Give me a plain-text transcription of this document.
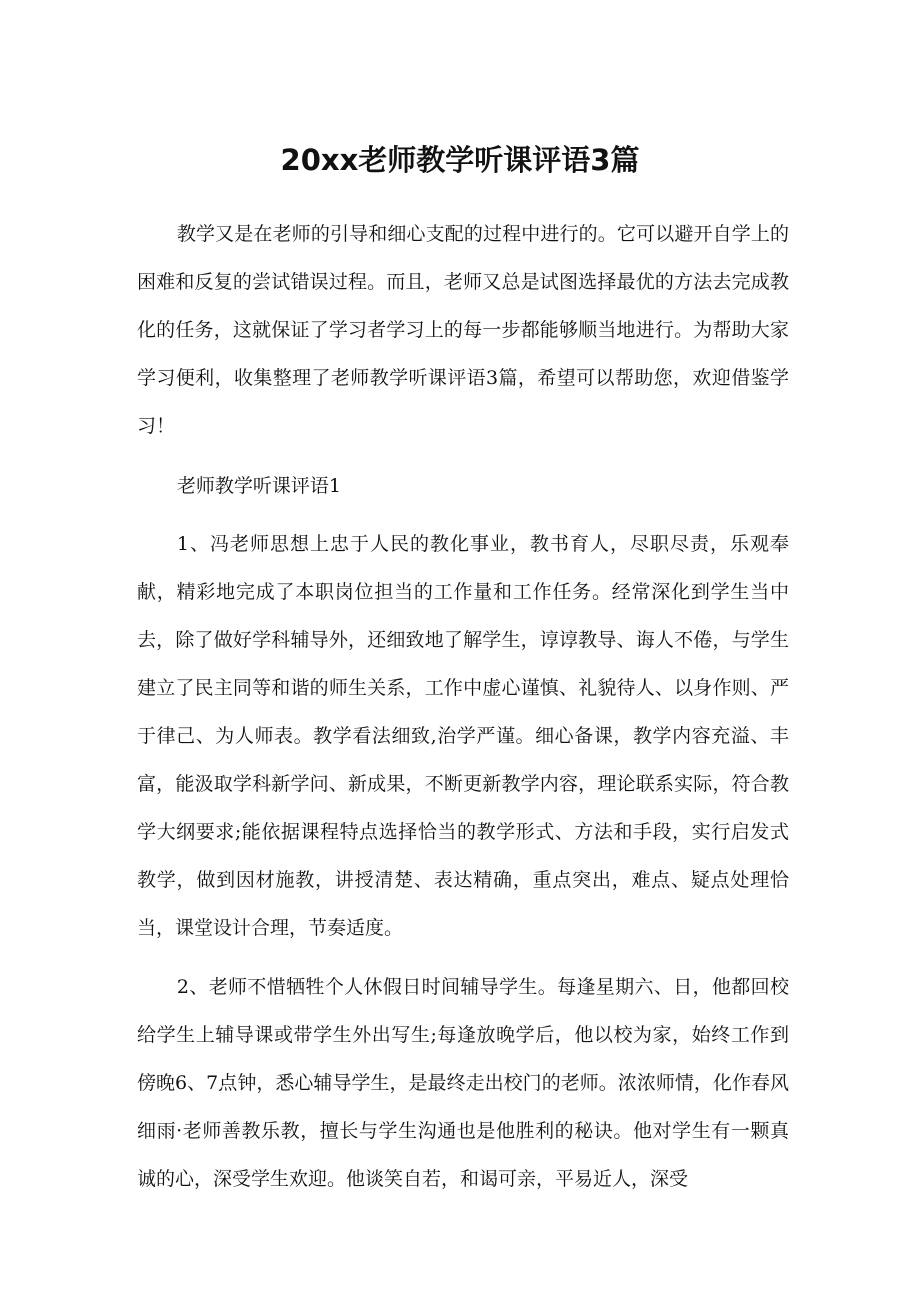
20xx老师教学听课评语3篇

教学又是在老师的引导和细心支配的过程中进行的。它可以避开自学上的困难和反复的尝试错误过程。而且，老师又总是试图选择最优的方法去完成教化的任务，这就保证了学习者学习上的每一步都能够顺当地进行。为帮助大家学习便利，收集整理了老师教学听课评语3篇，希望可以帮助您，欢迎借鉴学习！

老师教学听课评语1

1、冯老师思想上忠于人民的教化事业，教书育人，尽职尽责，乐观奉献，精彩地完成了本职岗位担当的工作量和工作任务。经常深化到学生当中去，除了做好学科辅导外，还细致地了解学生，谆谆教导、诲人不倦，与学生建立了民主同等和谐的师生关系，工作中虚心谨慎、礼貌待人、以身作则、严于律己、为人师表。教学看法细致,治学严谨。细心备课，教学内容充溢、丰富，能汲取学科新学问、新成果，不断更新教学内容，理论联系实际，符合教学大纲要求;能依据课程特点选择恰当的教学形式、方法和手段，实行启发式教学，做到因材施教，讲授清楚、表达精确，重点突出，难点、疑点处理恰当，课堂设计合理，节奏适度。

2、老师不惜牺牲个人休假日时间辅导学生。每逢星期六、日，他都回校给学生上辅导课或带学生外出写生;每逢放晚学后，他以校为家，始终工作到傍晚6、7点钟，悉心辅导学生，是最终走出校门的老师。浓浓师情，化作春风细雨·老师善教乐教，擅长与学生沟通也是他胜利的秘诀。他对学生有一颗真诚的心，深受学生欢迎。他谈笑自若，和谒可亲，平易近人，深受
